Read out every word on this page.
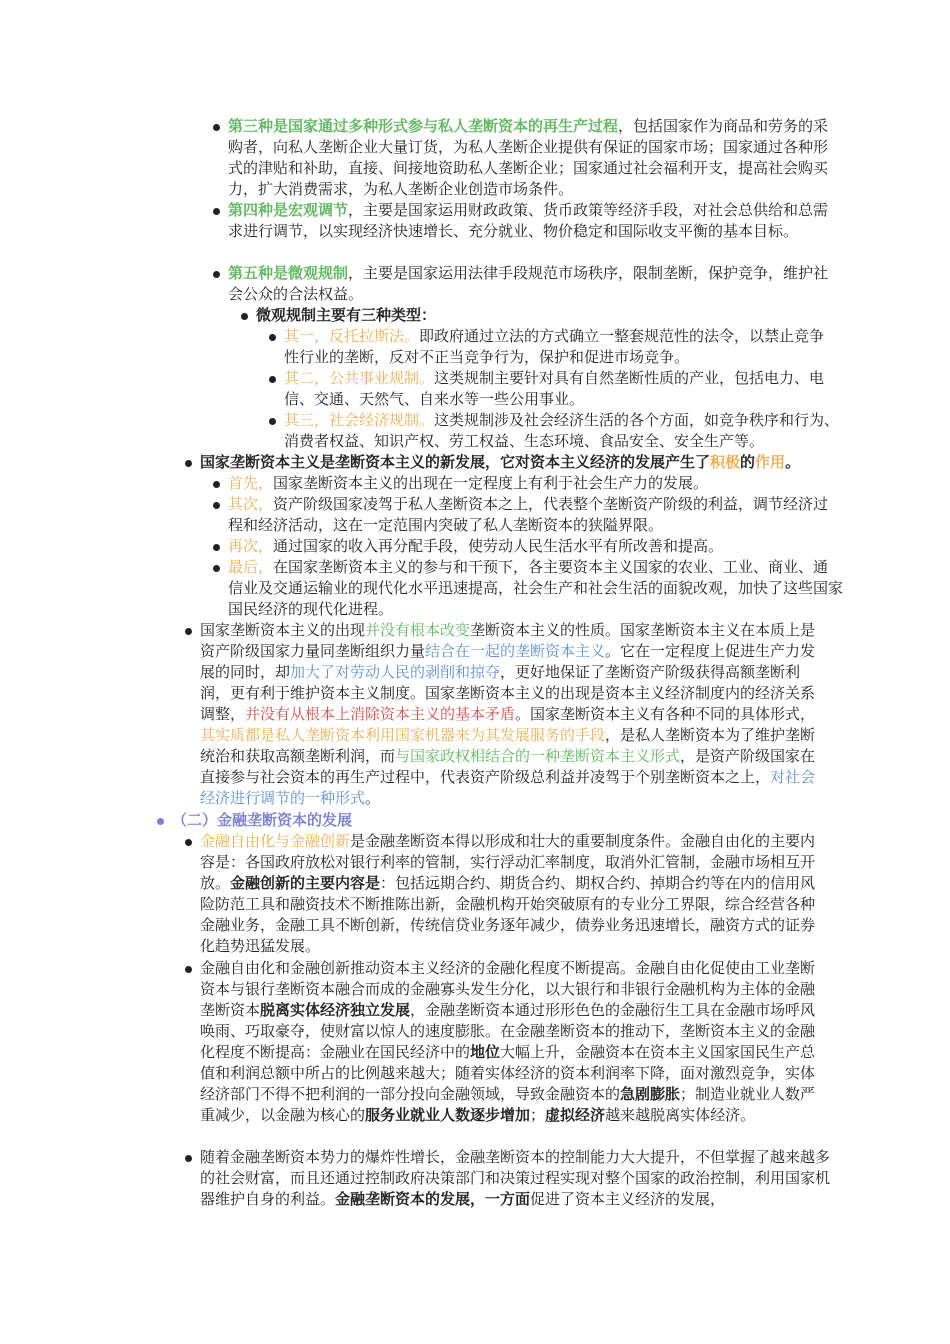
第三种是国家通过多种形式参与私人垄断资本的再生产过程，包括国家作为商品和劳务的采购者，向私人垄断企业大量订货，为私人垄断企业提供有保证的国家市场；国家通过各种形式的津贴和补助，直接、间接地资助私人垄断企业；国家通过社会福利开支，提高社会购买力，扩大消费需求，为私人垄断企业创造市场条件。

第四种是宏观调节，主要是国家运用财政政策、货币政策等经济手段，对社会总供给和总需求进行调节，以实现经济快速增长、充分就业、物价稳定和国际收支平衡的基本目标。

第五种是微观规制，主要是国家运用法律手段规范市场秩序，限制垄断，保护竞争，维护社会公众的合法权益。

微观规制主要有三种类型：

其一，反托拉斯法。即政府通过立法的方式确立一整套规范性的法令，以禁止竞争性行业的垄断，反对不正当竞争行为，保护和促进市场竞争。

其二，公共事业规制。这类规制主要针对具有自然垄断性质的产业，包括电力、电信、交通、天然气、自来水等一些公用事业。

其三，社会经济规制。这类规制涉及社会经济生活的各个方面，如竞争秩序和行为、消费者权益、知识产权、劳工权益、生态环境、食品安全、安全生产等。

国家垄断资本主义是垄断资本主义的新发展，它对资本主义经济的发展产生了积极的作用。

首先，国家垄断资本主义的出现在一定程度上有利于社会生产力的发展。

其次，资产阶级国家凌驾于私人垄断资本之上，代表整个垄断资产阶级的利益，调节经济过程和经济活动，这在一定范围内突破了私人垄断资本的狭隘界限。

再次，通过国家的收入再分配手段，使劳动人民生活水平有所改善和提高。

最后，在国家垄断资本主义的参与和干预下，各主要资本主义国家的农业、工业、商业、通信业及交通运输业的现代化水平迅速提高，社会生产和社会生活的面貌改观，加快了这些国家国民经济的现代化进程。

国家垄断资本主义的出现并没有根本改变垄断资本主义的性质。国家垄断资本主义在本质上是资产阶级国家力量同垄断组织力量结合在一起的垄断资本主义。它在一定程度上促进生产力发展的同时，却加大了对劳动人民的剥削和掠夺，更好地保证了垄断资产阶级获得高额垄断利润，更有利于维护资本主义制度。国家垄断资本主义的出现是资本主义经济制度内的经济关系调整，并没有从根本上消除资本主义的基本矛盾。国家垄断资本主义有各种不同的具体形式，其实质都是私人垄断资本利用国家机器来为其发展服务的手段，是私人垄断资本为了维护垄断统治和获取高额垄断利润，而与国家政权相结合的一种垄断资本主义形式，是资产阶级国家在直接参与社会资本的再生产过程中，代表资产阶级总利益并凌驾于个别垄断资本之上，对社会经济进行调节的一种形式。

（二）金融垄断资本的发展

金融自由化与金融创新是金融垄断资本得以形成和壮大的重要制度条件。金融自由化的主要内容是：各国政府放松对银行利率的管制，实行浮动汇率制度，取消外汇管制，金融市场相互开放。金融创新的主要内容是：包括远期合约、期货合约、期权合约、掉期合约等在内的信用风险防范工具和融资技术不断推陈出新，金融机构开始突破原有的专业分工界限，综合经营各种金融业务，金融工具不断创新，传统信贷业务逐年减少，债券业务迅速增长，融资方式的证券化趋势迅猛发展。

金融自由化和金融创新推动资本主义经济的金融化程度不断提高。金融自由化促使由工业垄断资本与银行垄断资本融合而成的金融寡头发生分化，以大银行和非银行金融机构为主体的金融垄断资本脱离实体经济独立发展，金融垄断资本通过形形色色的金融衍生工具在金融市场呼风唤雨、巧取豪夺，使财富以惊人的速度膨胀。在金融垄断资本的推动下，垄断资本主义的金融化程度不断提高：金融业在国民经济中的地位大幅上升，金融资本在资本主义国家国民生产总值和利润总额中所占的比例越来越大；随着实体经济的资本利润率下降，面对激烈竞争，实体经济部门不得不把利润的一部分投向金融领域，导致金融资本的急剧膨胀；制造业就业人数严重减少，以金融为核心的服务业就业人数逐步增加；虚拟经济越来越脱离实体经济。

随着金融垄断资本势力的爆炸性增长，金融垄断资本的控制能力大大提升，不但掌握了越来越多的社会财富，而且还通过控制政府决策部门和决策过程实现对整个国家的政治控制，利用国家机器维护自身的利益。金融垄断资本的发展，一方面促进了资本主义经济的发展，
